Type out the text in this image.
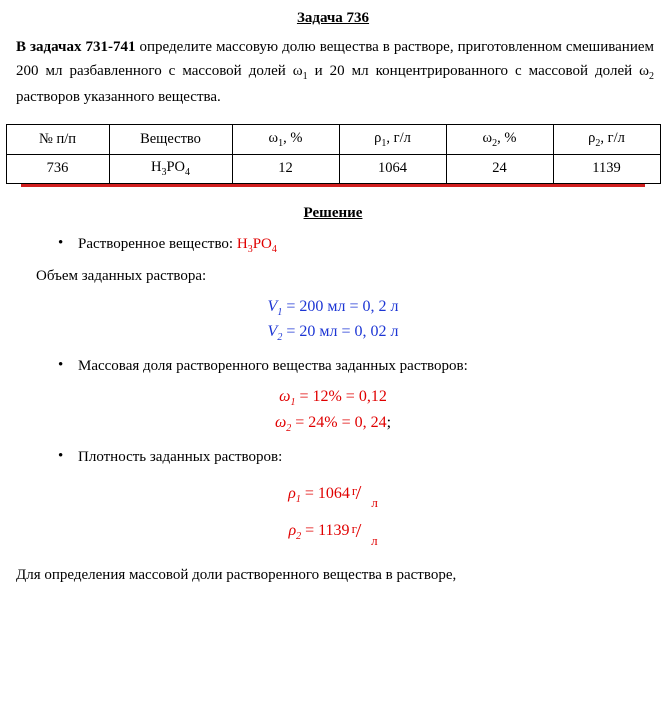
Задача 736

В задачах 731-741 определите массовую долю вещества в растворе, приготовленном смешиванием 200 мл разбавленного с массовой долей $\omega_1$ и 20 мл концентрированного с массовой долей $\omega_2$ растворов указанного вещества.

№ п/п	Вещество	$\omega_1$, %	$\rho_1$, г/л	$\omega_2$, %	$\rho_2$, г/л
736	$H_3PO_4$	12	1064	24	1139
Решение
• Растворенное вещество: $H_3PO_4$
Объем заданных раствора:
$V_1 = 200$ мл = 0, 2 л
$V_2 = 20$ мл = 0, 02 л
• Массовая доля растворенного вещества заданных растворов:
$\omega_1 = 12\% = 0,12$
$\omega_2 = 24\% = 0$, 24;
• Плотность заданных растворов:
$\rho_1 = 1064$ г
л
$\rho_2 = 1139$ г
л
Для определения массовой доли растворенного вещества в растворе,
